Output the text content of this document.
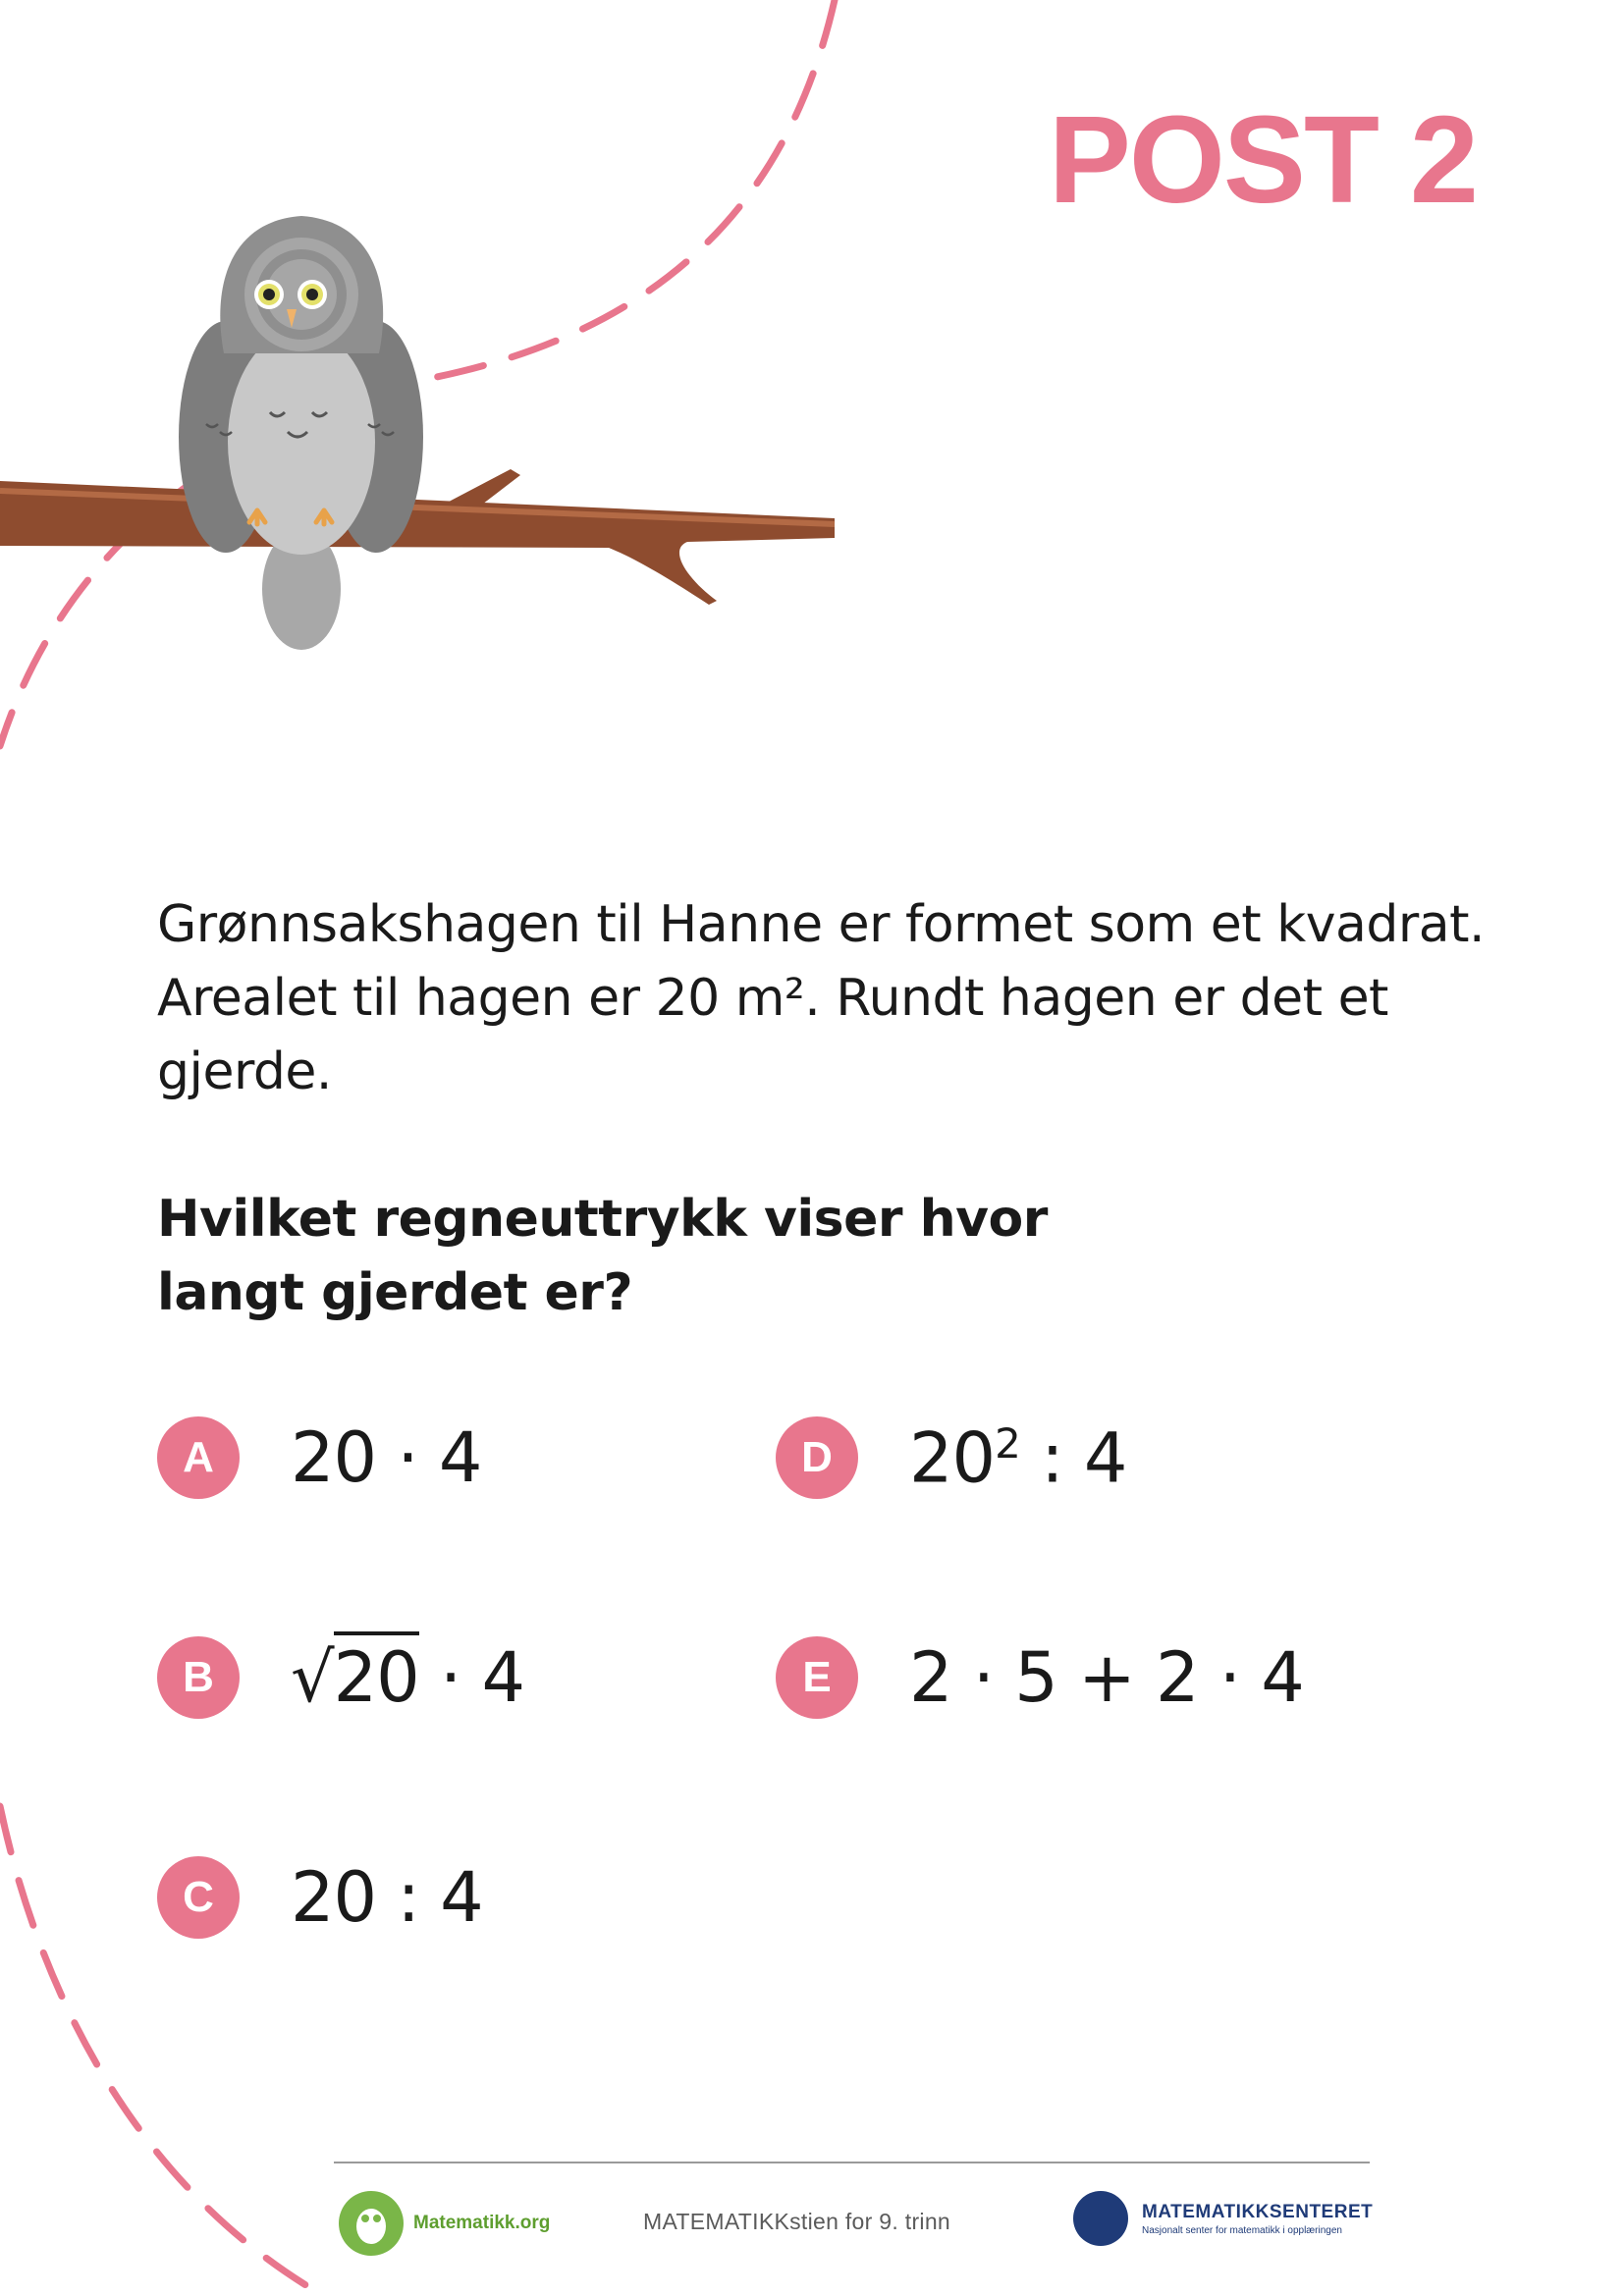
POST 2

Grønnsakshagen til Hanne er formet som et kvadrat. Arealet til hagen er 20 m². Rundt hagen er det et gjerde.

Hvilket regneuttrykk viser hvor langt gjerdet er?

A	20 · 4
B	√20 · 4
C	20 : 4
D	$20^2$ : 4
E	2 · 5 + 2 · 4
Matematikk.org	MATEMATIKKstien for 9. trinn	MATEMATIKKSENTERET
Nasjonalt senter for matematikk i opplæringen
